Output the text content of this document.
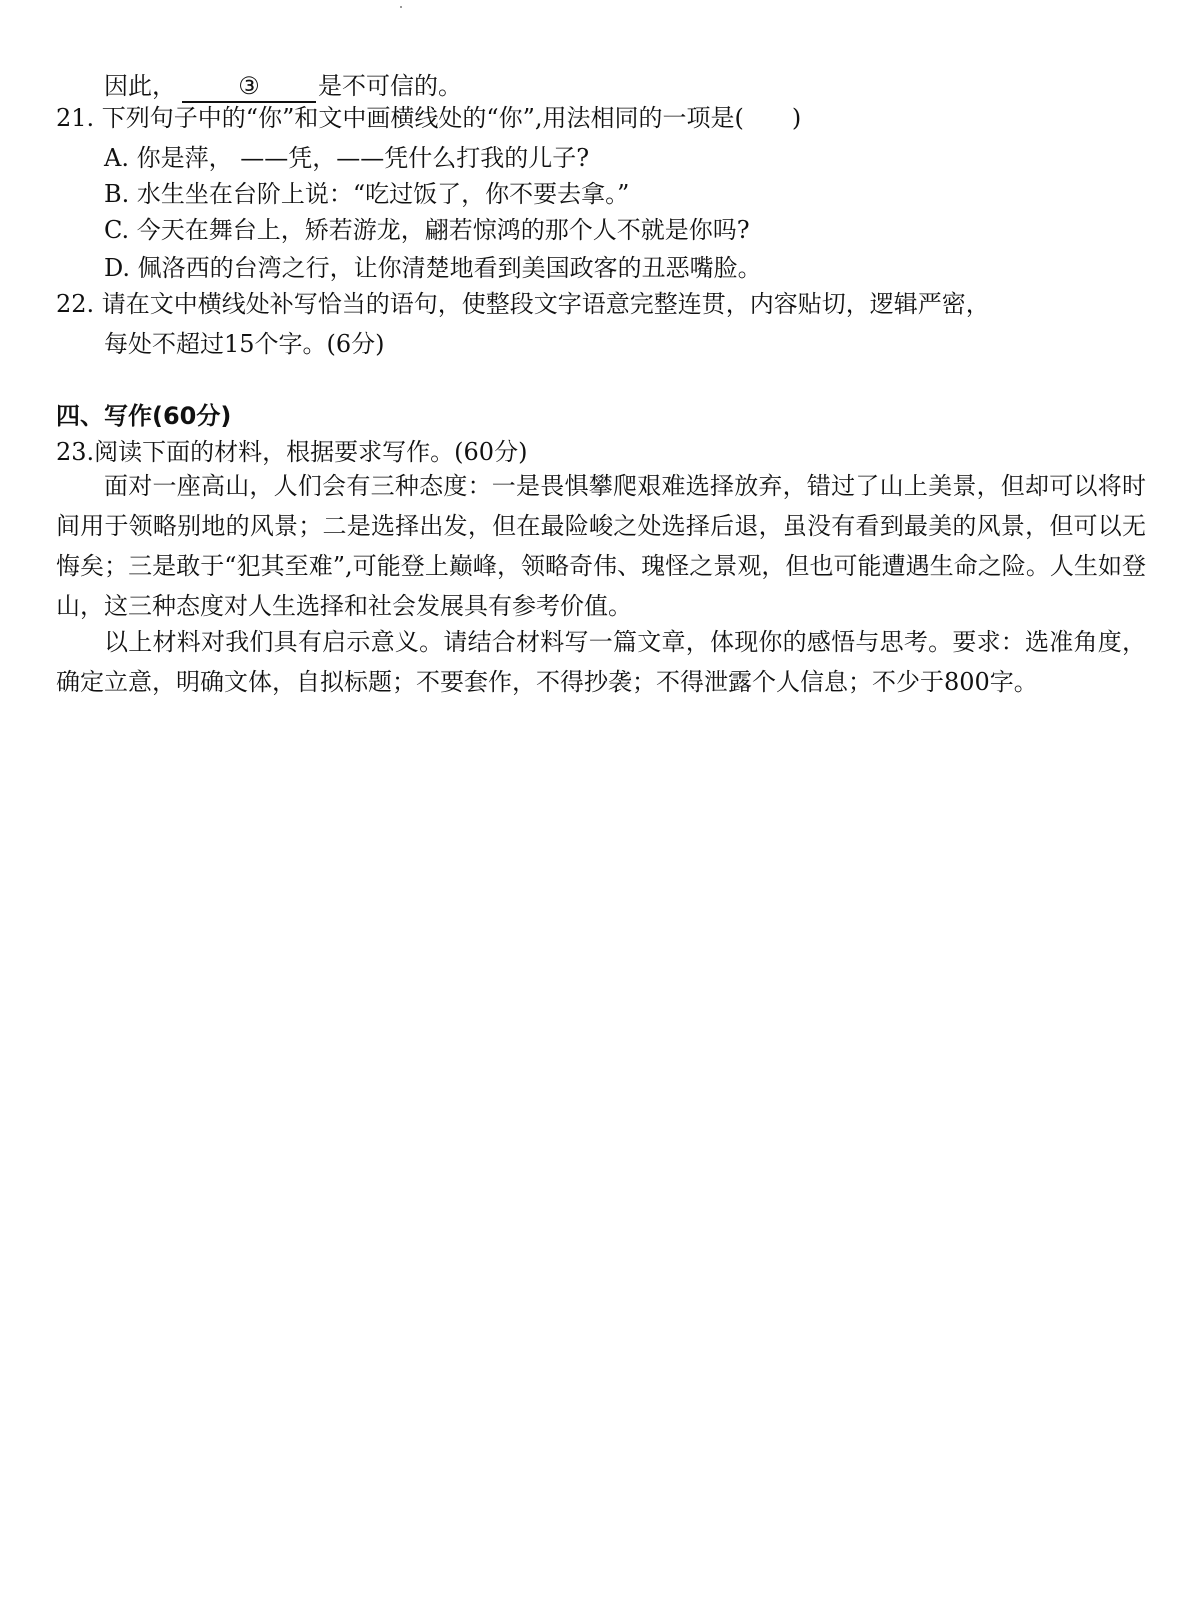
因此，	③ 是不可信的。
21. 下列句子中的“你”和文中画横线处的“你”,用法相同的一项是(　　)
A. 你是萍， ——凭，——凭什么打我的儿子?
B. 水生坐在台阶上说：“吃过饭了，你不要去拿。”
C. 今天在舞台上，矫若游龙，翩若惊鸿的那个人不就是你吗?
D. 佩洛西的台湾之行，让你清楚地看到美国政客的丑恶嘴脸。
22. 请在文中横线处补写恰当的语句，使整段文字语意完整连贯，内容贴切，逻辑严密，
每处不超过15个字。(6分)
四、写作(60分)
23.阅读下面的材料，根据要求写作。(60分)
面对一座高山，人们会有三种态度：一是畏惧攀爬艰难选择放弃，错过了山上美景，但却可以将时间用于领略别地的风景；二是选择出发，但在最险峻之处选择后退，虽没有看到最美的风景，但可以无悔矣；三是敢于“犯其至难”,可能登上巅峰，领略奇伟、瑰怪之景观，但也可能遭遇生命之险。人生如登山，这三种态度对人生选择和社会发展具有参考价值。
以上材料对我们具有启示意义。请结合材料写一篇文章，体现你的感悟与思考。要求：选准角度，确定立意，明确文体，自拟标题；不要套作，不得抄袭；不得泄露个人信息；不少于800字。
